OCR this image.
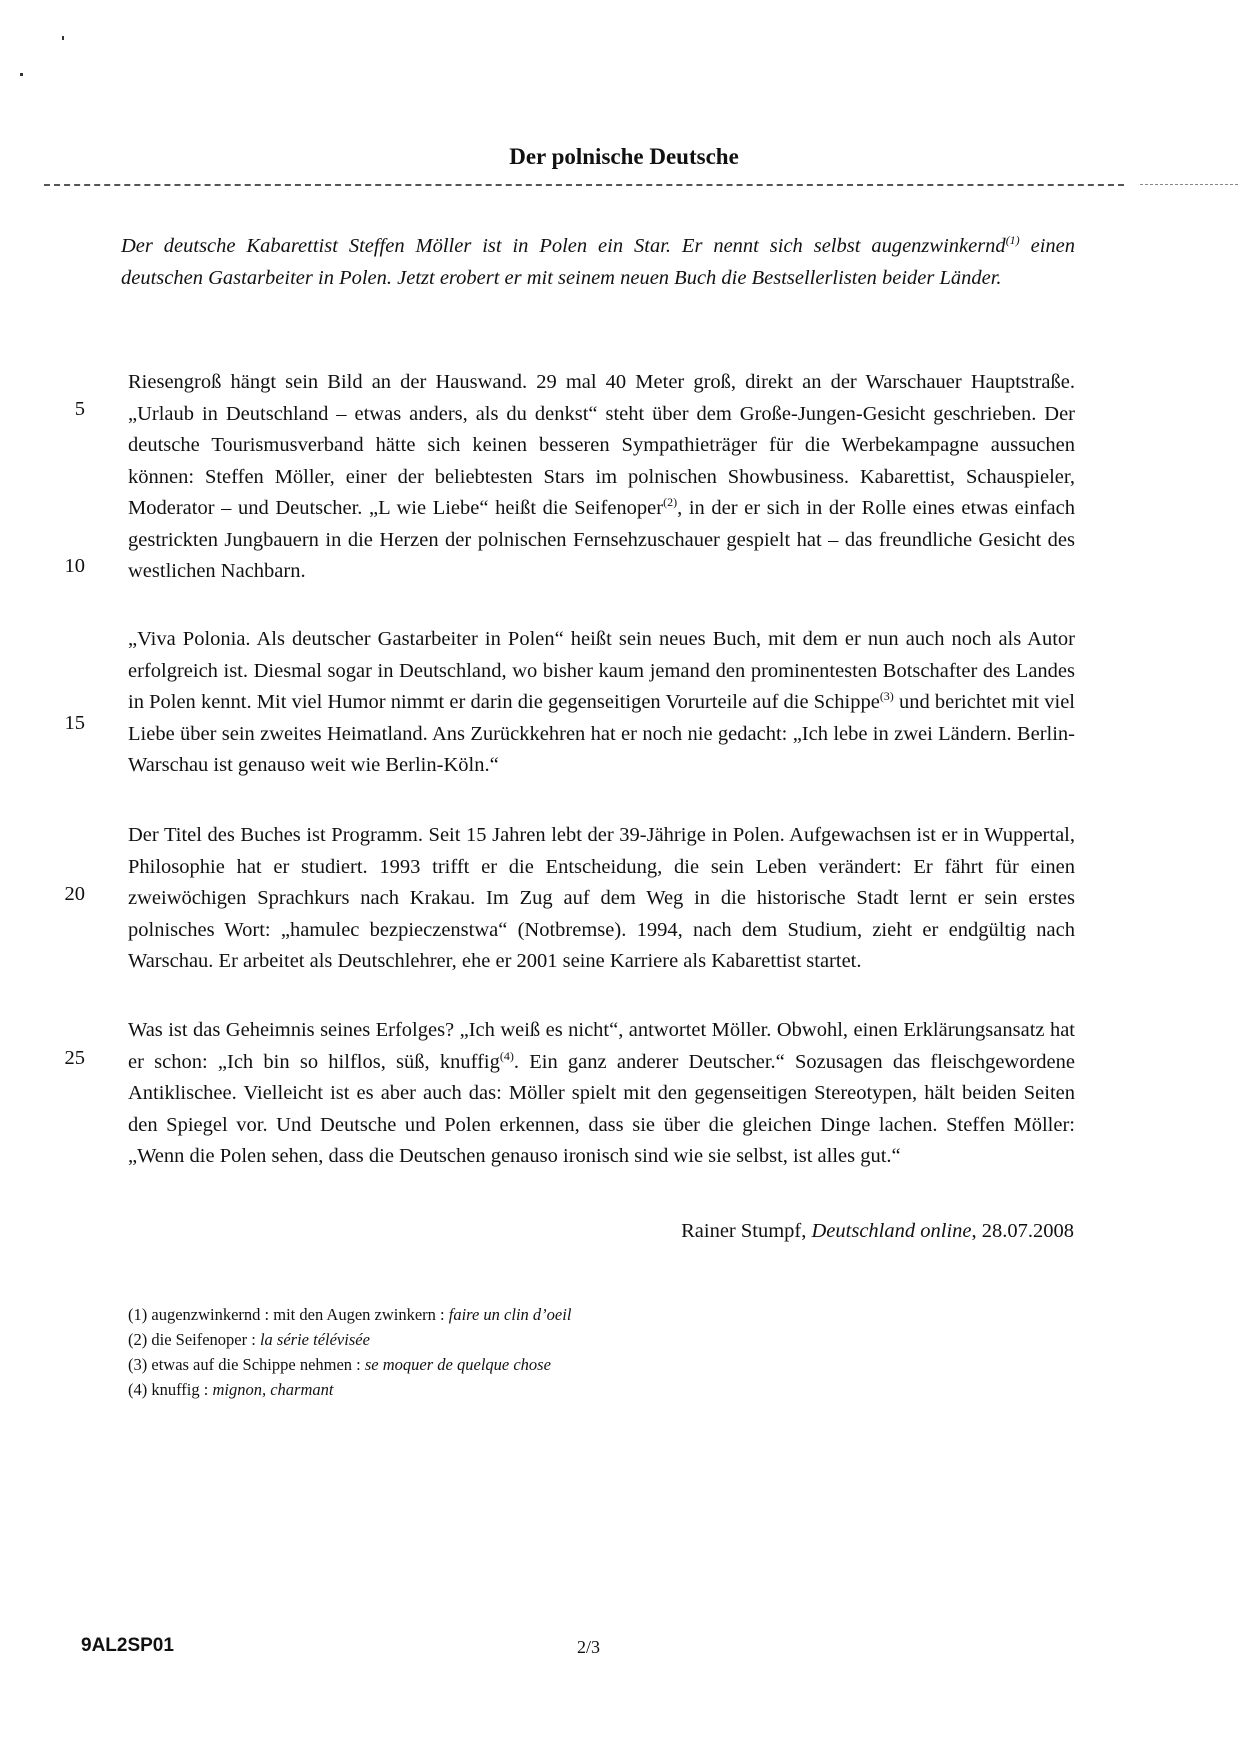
Der polnische Deutsche

Der deutsche Kabarettist Steffen Möller ist in Polen ein Star. Er nennt sich selbst augenzwinkernd$^{(1)}$ einen deutschen Gastarbeiter in Polen. Jetzt erobert er mit seinem neuen Buch die Bestsellerlisten beider Länder.

Riesengroß hängt sein Bild an der Hauswand. 29 mal 40 Meter groß, direkt an der Warschauer Hauptstraße. „Urlaub in Deutschland – etwas anders, als du denkst“ steht über dem Große-Jungen-Gesicht geschrieben. Der deutsche Tourismusverband hätte sich keinen besseren Sympathieträger für die Werbekampagne aussuchen können: Steffen Möller, einer der beliebtesten Stars im polnischen Showbusiness. Kabarettist, Schauspieler, Moderator – und Deutscher. „L wie Liebe“ heißt die Seifenoper$^{(2)}$, in der er sich in der Rolle eines etwas einfach gestrickten Jungbauern in die Herzen der polnischen Fernsehzuschauer gespielt hat – das freundliche Gesicht des westlichen Nachbarn.

„Viva Polonia. Als deutscher Gastarbeiter in Polen“ heißt sein neues Buch, mit dem er nun auch noch als Autor erfolgreich ist. Diesmal sogar in Deutschland, wo bisher kaum jemand den prominentesten Botschafter des Landes in Polen kennt. Mit viel Humor nimmt er darin die gegenseitigen Vorurteile auf die Schippe$^{(3)}$ und berichtet mit viel Liebe über sein zweites Heimatland. Ans Zurückkehren hat er noch nie gedacht: „Ich lebe in zwei Ländern. Berlin-Warschau ist genauso weit wie Berlin-Köln.“

Der Titel des Buches ist Programm. Seit 15 Jahren lebt der 39-Jährige in Polen. Aufgewachsen ist er in Wuppertal, Philosophie hat er studiert. 1993 trifft er die Entscheidung, die sein Leben verändert: Er fährt für einen zweiwöchigen Sprachkurs nach Krakau. Im Zug auf dem Weg in die historische Stadt lernt er sein erstes polnisches Wort: „hamulec bezpieczenstwa“ (Notbremse). 1994, nach dem Studium, zieht er endgültig nach Warschau. Er arbeitet als Deutschlehrer, ehe er 2001 seine Karriere als Kabarettist startet.

Was ist das Geheimnis seines Erfolges? „Ich weiß es nicht“, antwortet Möller. Obwohl, einen Erklärungsansatz hat er schon: „Ich bin so hilflos, süß, knuffig$^{(4)}$. Ein ganz anderer Deutscher.“ Sozusagen das fleischgewordene Antiklischee. Vielleicht ist es aber auch das: Möller spielt mit den gegenseitigen Stereotypen, hält beiden Seiten den Spiegel vor. Und Deutsche und Polen erkennen, dass sie über die gleichen Dinge lachen. Steffen Möller: „Wenn die Polen sehen, dass die Deutschen genauso ironisch sind wie sie selbst, ist alles gut.“

5
10
15
20
25
Rainer Stumpf, Deutschland online, 28.07.2008
(1) augenzwinkernd : mit den Augen zwinkern : faire un clin d’oeil
(2) die Seifenoper : la série télévisée
(3) etwas auf die Schippe nehmen : se moquer de quelque chose
(4) knuffig : mignon, charmant
9AL2SP01	2/3
